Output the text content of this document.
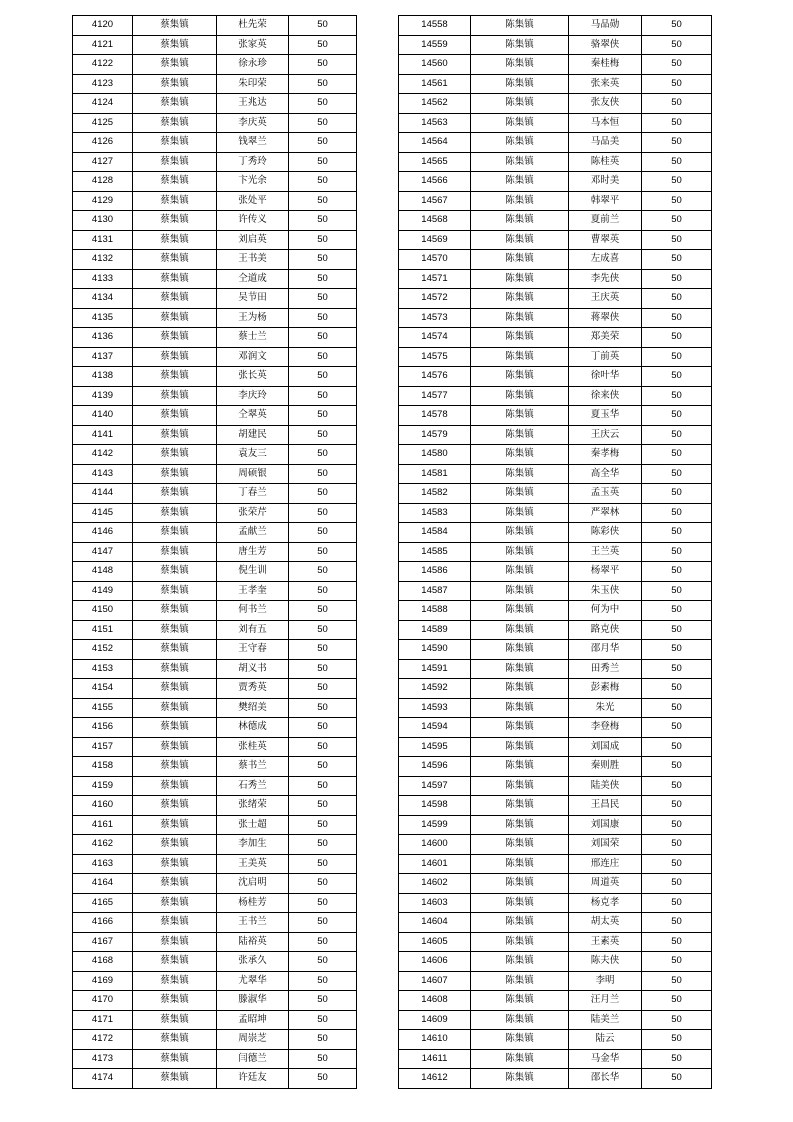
4120	蔡集镇	杜先荣	50
4121	蔡集镇	张家英	50
4122	蔡集镇	徐永珍	50
4123	蔡集镇	朱印荣	50
4124	蔡集镇	王兆达	50
4125	蔡集镇	李庆英	50
4126	蔡集镇	钱翠兰	50
4127	蔡集镇	丁秀玲	50
4128	蔡集镇	卞光余	50
4129	蔡集镇	张处平	50
4130	蔡集镇	许传义	50
4131	蔡集镇	刘启英	50
4132	蔡集镇	王书美	50
4133	蔡集镇	仝道成	50
4134	蔡集镇	吴节田	50
4135	蔡集镇	王为杨	50
4136	蔡集镇	蔡士兰	50
4137	蔡集镇	邓润文	50
4138	蔡集镇	张长英	50
4139	蔡集镇	李庆玲	50
4140	蔡集镇	仝翠英	50
4141	蔡集镇	胡建民	50
4142	蔡集镇	袁友三	50
4143	蔡集镇	周硕银	50
4144	蔡集镇	丁春兰	50
4145	蔡集镇	张荣芹	50
4146	蔡集镇	孟献兰	50
4147	蔡集镇	唐生芳	50
4148	蔡集镇	倪生训	50
4149	蔡集镇	王孝奎	50
4150	蔡集镇	何书兰	50
4151	蔡集镇	刘有五	50
4152	蔡集镇	王守春	50
4153	蔡集镇	胡义书	50
4154	蔡集镇	贾秀英	50
4155	蔡集镇	樊绍美	50
4156	蔡集镇	林德成	50
4157	蔡集镇	张桂英	50
4158	蔡集镇	蔡书兰	50
4159	蔡集镇	石秀兰	50
4160	蔡集镇	张绪荣	50
4161	蔡集镇	张士超	50
4162	蔡集镇	李加生	50
4163	蔡集镇	王美英	50
4164	蔡集镇	沈启明	50
4165	蔡集镇	杨桂芳	50
4166	蔡集镇	王书兰	50
4167	蔡集镇	陆裕英	50
4168	蔡集镇	张承久	50
4169	蔡集镇	尤翠华	50
4170	蔡集镇	滕淑华	50
4171	蔡集镇	孟昭坤	50
4172	蔡集镇	周崇芝	50
4173	蔡集镇	闫德兰	50
4174	蔡集镇	许廷友	50
14558	陈集镇	马品勋	50
14559	陈集镇	骆翠侠	50
14560	陈集镇	秦桂梅	50
14561	陈集镇	张来英	50
14562	陈集镇	张友侠	50
14563	陈集镇	马本恒	50
14564	陈集镇	马品美	50
14565	陈集镇	陈桂英	50
14566	陈集镇	邓时美	50
14567	陈集镇	韩翠平	50
14568	陈集镇	夏前兰	50
14569	陈集镇	曹翠英	50
14570	陈集镇	左成喜	50
14571	陈集镇	李先侠	50
14572	陈集镇	王庆英	50
14573	陈集镇	蒋翠侠	50
14574	陈集镇	郑美荣	50
14575	陈集镇	丁前英	50
14576	陈集镇	徐叶华	50
14577	陈集镇	徐来侠	50
14578	陈集镇	夏玉华	50
14579	陈集镇	王庆云	50
14580	陈集镇	秦孝梅	50
14581	陈集镇	高全华	50
14582	陈集镇	孟玉英	50
14583	陈集镇	严翠林	50
14584	陈集镇	陈彩侠	50
14585	陈集镇	王兰英	50
14586	陈集镇	杨翠平	50
14587	陈集镇	朱玉侠	50
14588	陈集镇	何为中	50
14589	陈集镇	路克侠	50
14590	陈集镇	邵月华	50
14591	陈集镇	田秀兰	50
14592	陈集镇	彭素梅	50
14593	陈集镇	朱光	50
14594	陈集镇	李登梅	50
14595	陈集镇	刘国成	50
14596	陈集镇	秦则胜	50
14597	陈集镇	陆美侠	50
14598	陈集镇	王昌民	50
14599	陈集镇	刘国康	50
14600	陈集镇	刘国荣	50
14601	陈集镇	邢连庄	50
14602	陈集镇	周道英	50
14603	陈集镇	杨克孝	50
14604	陈集镇	胡太英	50
14605	陈集镇	王素英	50
14606	陈集镇	陈夫侠	50
14607	陈集镇	李明	50
14608	陈集镇	汪月兰	50
14609	陈集镇	陆美兰	50
14610	陈集镇	陆云	50
14611	陈集镇	马金华	50
14612	陈集镇	邵长华	50
